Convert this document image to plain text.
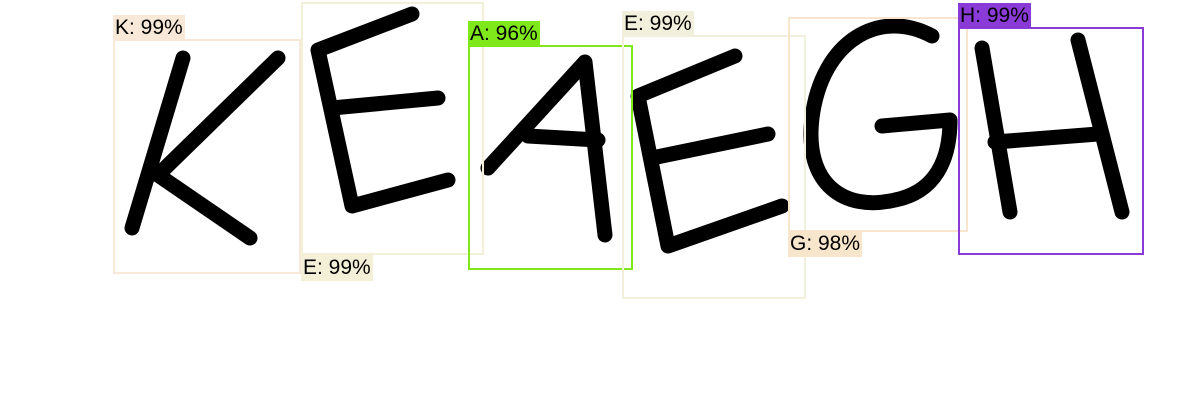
K: 99%
E: 99%
A: 96%	E: 99%
G: 98%
H: 99%
